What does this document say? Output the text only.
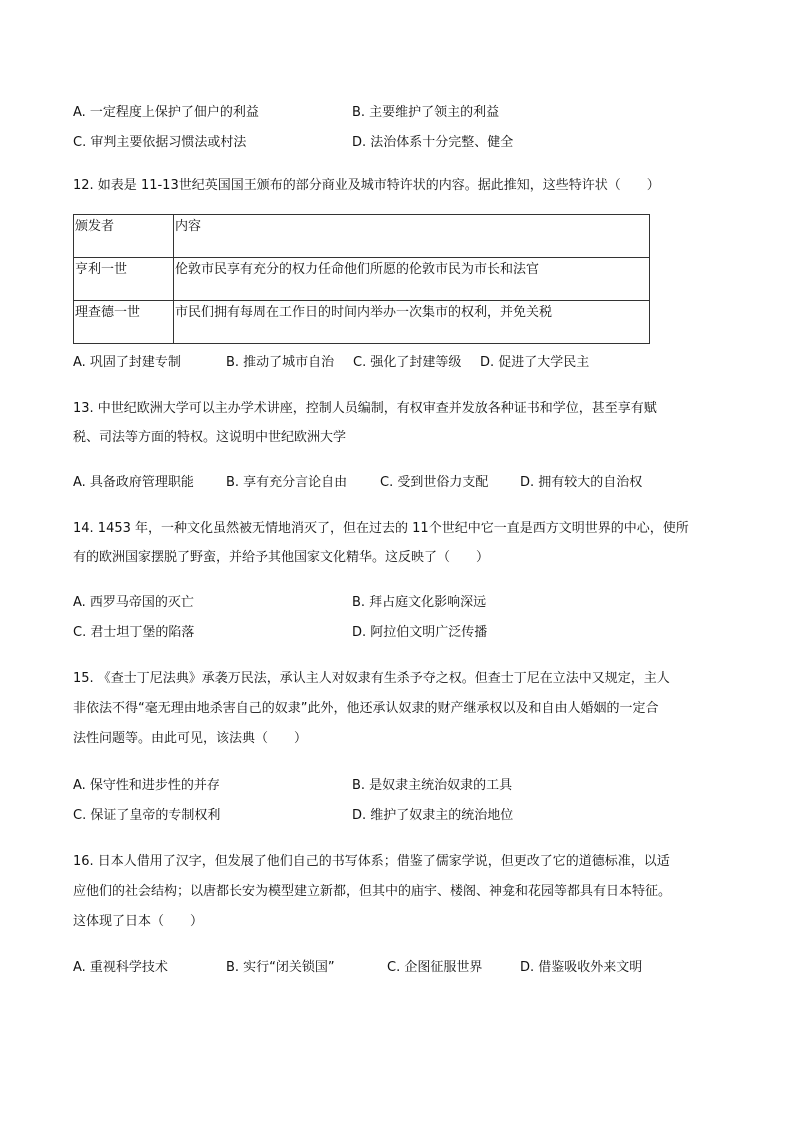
A. 一定程度上保护了佃户的利益	B. 主要维护了领主的利益
C. 审判主要依据习惯法或村法	D. 法治体系十分完整、健全
12. 如表是 11-13世纪英国国王颁布的部分商业及城市特许状的内容。据此推知，这些特许状（　　）
颁发者	内容
亨利一世	伦敦市民享有充分的权力任命他们所愿的伦敦市民为市长和法官
理查德一世	市民们拥有每周在工作日的时间内举办一次集市的权利，并免关税
A. 巩固了封建专制	B. 推动了城市自治 C. 强化了封建等级 D. 促进了大学民主
13. 中世纪欧洲大学可以主办学术讲座，控制人员编制，有权审查并发放各种证书和学位，甚至享有赋
税、司法等方面的特权。这说明中世纪欧洲大学
A. 具备政府管理职能 B. 享有充分言论自由	C. 受到世俗力支配 D. 拥有较大的自治权
14. 1453 年，一种文化虽然被无情地消灭了，但在过去的 11个世纪中它一直是西方文明世界的中心，使所
有的欧洲国家摆脱了野蛮，并给予其他国家文化精华。这反映了（　　）
A. 西罗马帝国的灭亡	B. 拜占庭文化影响深远
C. 君士坦丁堡的陷落	D. 阿拉伯文明广泛传播
15. 《查士丁尼法典》承袭万民法，承认主人对奴隶有生杀予夺之权。但查士丁尼在立法中又规定，主人
非依法不得“毫无理由地杀害自己的奴隶”此外，他还承认奴隶的财产继承权以及和自由人婚姻的一定合
法性问题等。由此可见，该法典（　　）
A. 保守性和进步性的并存	B. 是奴隶主统治奴隶的工具
C. 保证了皇帝的专制权利	D. 维护了奴隶主的统治地位
16. 日本人借用了汉字，但发展了他们自己的书写体系；借鉴了儒家学说，但更改了它的道德标准，以适
应他们的社会结构；以唐都长安为模型建立新都，但其中的庙宇、楼阁、神龛和花园等都具有日本特征。
这体现了日本（　　）
A. 重视科学技术	B. 实行“闭关锁国”	C. 企图征服世界	D. 借鉴吸收外来文明
